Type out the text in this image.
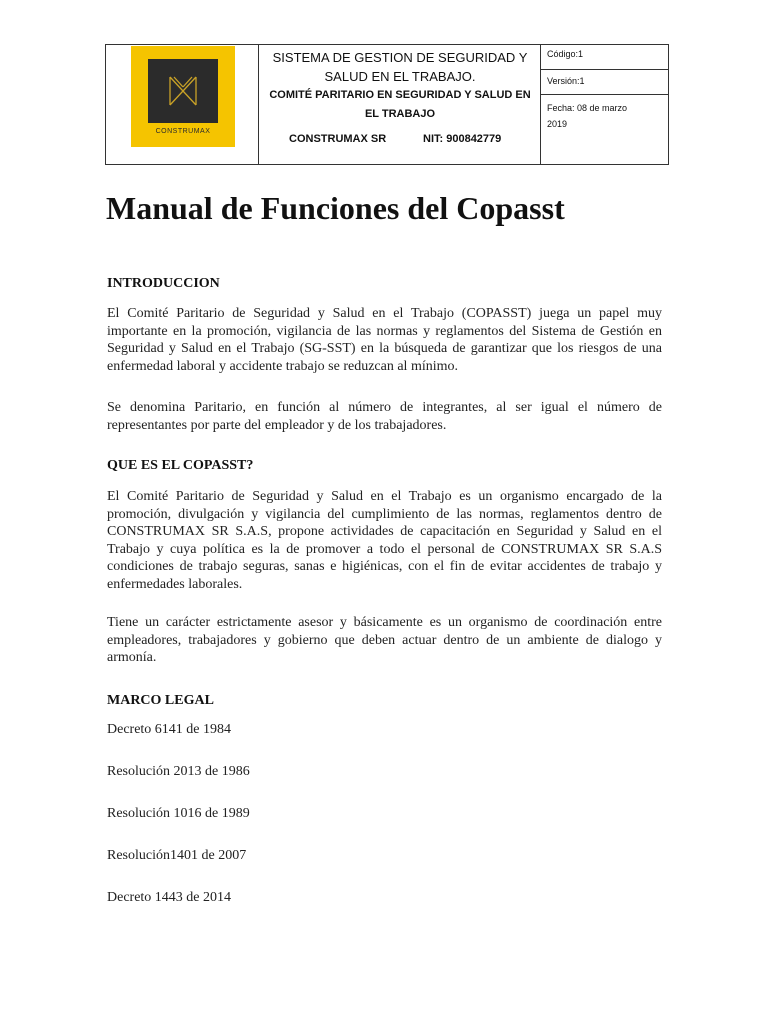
CONSTRUMAX
SISTEMA DE GESTION DE SEGURIDAD Y
SALUD EN EL TRABAJO.
COMITÉ PARITARIO EN SEGURIDAD Y SALUD EN
EL TRABAJO
CONSTRUMAX SR	NIT: 900842779
Código:1
Versión:1
Fecha: 08 de marzo
2019
Manual de Funciones del Copasst
INTRODUCCION

El Comité Paritario de Seguridad y Salud en el Trabajo (COPASST) juega un papel muy importante en la promoción, vigilancia de las normas y reglamentos del Sistema de Gestión en Seguridad y Salud en el Trabajo (SG-SST) en la búsqueda de garantizar que los riesgos de una enfermedad laboral y accidente trabajo se reduzcan al mínimo.

Se denomina Paritario, en función al número de integrantes, al ser igual el número de representantes por parte del empleador y de los trabajadores.

QUE ES EL COPASST?

El Comité Paritario de Seguridad y Salud en el Trabajo es un organismo encargado de la promoción, divulgación y vigilancia del cumplimiento de las normas, reglamentos dentro de CONSTRUMAX SR S.A.S, propone actividades de capacitación en Seguridad y Salud en el Trabajo y cuya política es la de promover a todo el personal de CONSTRUMAX SR S.A.S condiciones de trabajo seguras, sanas e higiénicas, con el fin de evitar accidentes de trabajo y enfermedades laborales.

Tiene un carácter estrictamente asesor y básicamente es un organismo de coordinación entre empleadores, trabajadores y gobierno que deben actuar dentro de un ambiente de dialogo y armonía.

MARCO LEGAL
Decreto 6141 de 1984
Resolución 2013 de 1986
Resolución 1016 de 1989
Resolución1401 de 2007
Decreto 1443 de 2014
